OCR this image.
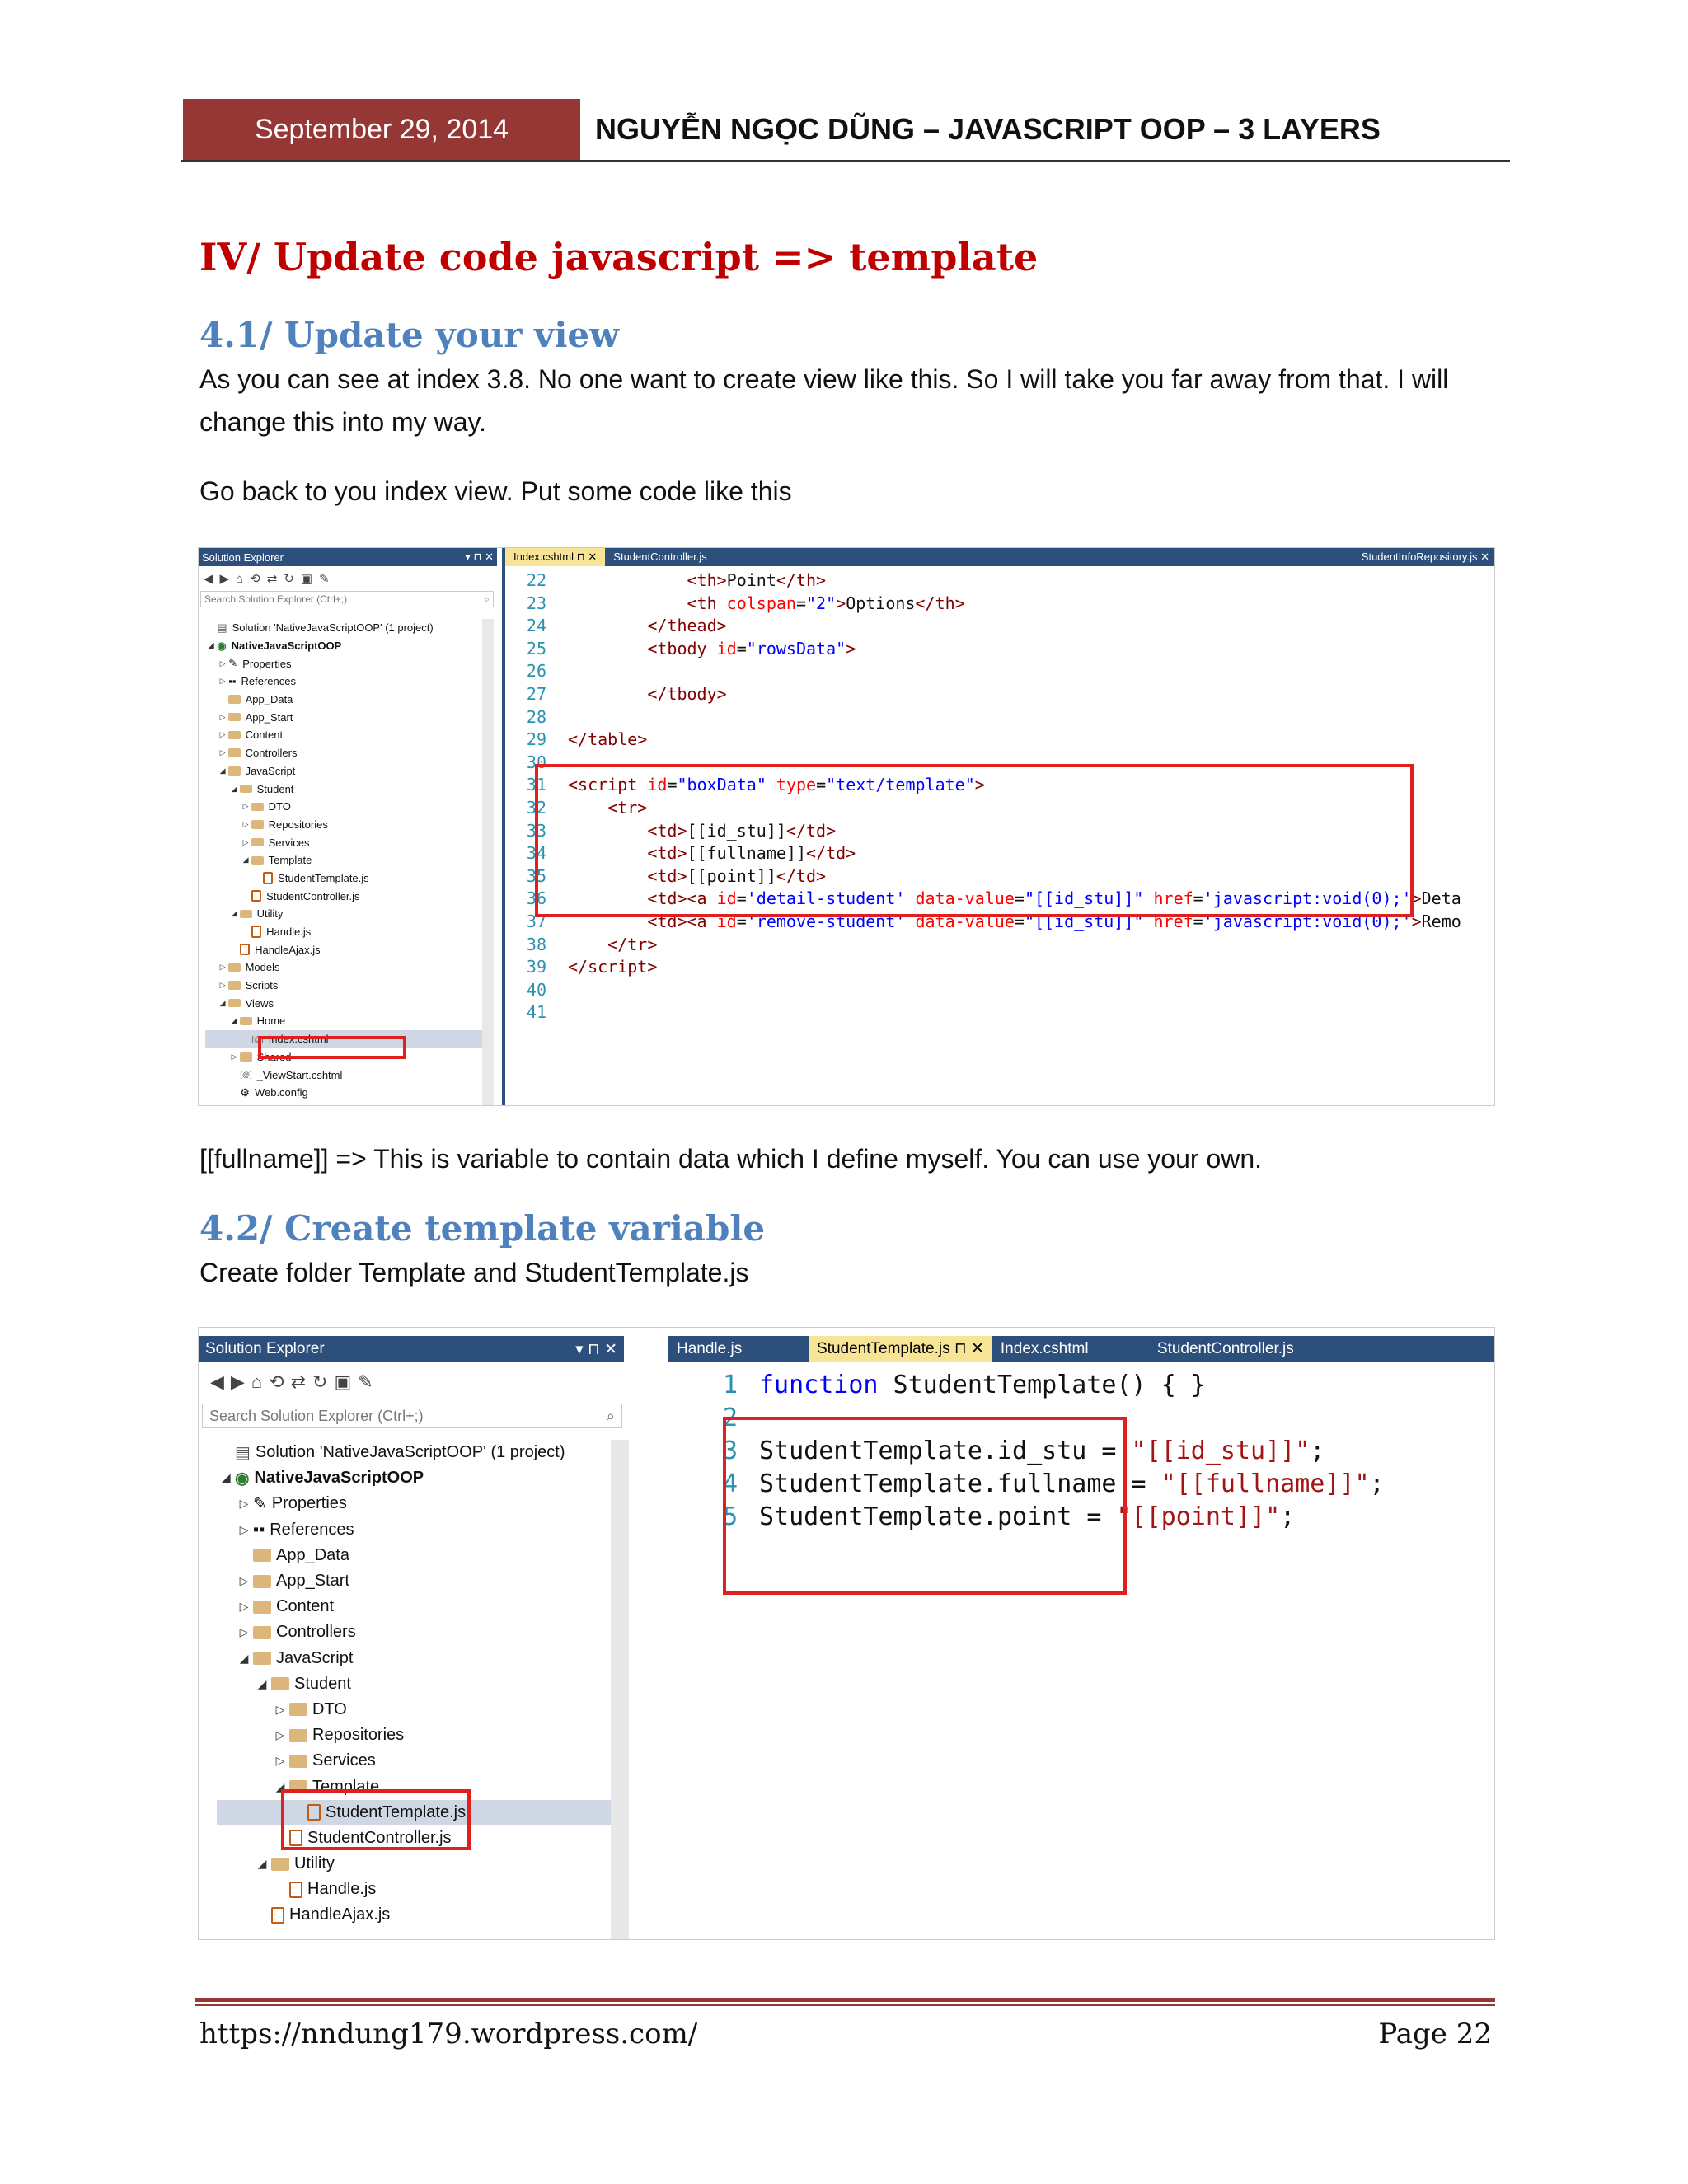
September 29, 2014	NGUYỄN NGỌC DŨNG – JAVASCRIPT OOP – 3 LAYERS
IV/ Update code javascript => template
4.1/ Update your view

As you can see at index 3.8. No one want to create view like this. So I will take you far away from that. I will change this into my way.

Go back to you index view. Put some code like this

Solution Explorer	▾ ⊓ ✕
◀ ▶ ⌂ ⟲ ⇄ ↻ ▣ ✎
Search Solution Explorer (Ctrl+;)	⌕
▤ Solution 'NativeJavaScriptOOP' (1 project)
◢ ◉ NativeJavaScriptOOP
▷ ✎ Properties
▷ ▪▪ References
App_Data
▷ App_Start
▷ Content
▷ Controllers
◢ JavaScript
◢ Student
▷ DTO
▷ Repositories
▷ Services
◢ Template
StudentTemplate.js
StudentController.js
◢ Utility
Handle.js
HandleAjax.js
▷ Models
▷ Scripts
◢ Views
◢ Home
[@] Index.cshtml
▷ Shared
[@] _ViewStart.cshtml
⚙ Web.config
Index.cshtml ⊓ ✕	StudentController.js	StudentInfoRepository.js ✕
22	<th>Point</th>
23	<th colspan="2">Options</th>
24	</thead>
25	<tbody id="rowsData">
26
27	</tbody>
28
29	</table>
30
31	<script id="boxData" type="text/template">
32	<tr>
33	<td>[[id_stu]]</td>
34	<td>[[fullname]]</td>
35	<td>[[point]]</td>
36	<td><a id='detail-student' data-value="[[id_stu]]" href='javascript:void(0);'>Deta
37	<td><a id='remove-student' data-value="[[id_stu]]" href='javascript:void(0);'>Remo
38	</tr>
39	</script>
40
41

[[fullname]] => This is variable to contain data which I define myself. You can use your own.

4.2/ Create template variable

Create folder Template and StudentTemplate.js

Solution Explorer	▾ ⊓ ✕
◀ ▶ ⌂ ⟲ ⇄ ↻ ▣ ✎
Search Solution Explorer (Ctrl+;)	⌕
▤ Solution 'NativeJavaScriptOOP' (1 project)
◢ ◉ NativeJavaScriptOOP
▷ ✎ Properties
▷ ▪▪ References
App_Data
▷ App_Start
▷ Content
▷ Controllers
◢ JavaScript
◢ Student
▷ DTO
▷ Repositories
▷ Services
◢ Template
StudentTemplate.js
StudentController.js
◢ Utility
Handle.js
HandleAjax.js
Handle.js	StudentTemplate.js ⊓ ✕	Index.cshtml	StudentController.js
1 function StudentTemplate() { }
2
3 StudentTemplate.id_stu = "[[id_stu]]";
4 StudentTemplate.fullname = "[[fullname]]";
5 StudentTemplate.point = "[[point]]";
https://nndung179.wordpress.com/	Page 22
